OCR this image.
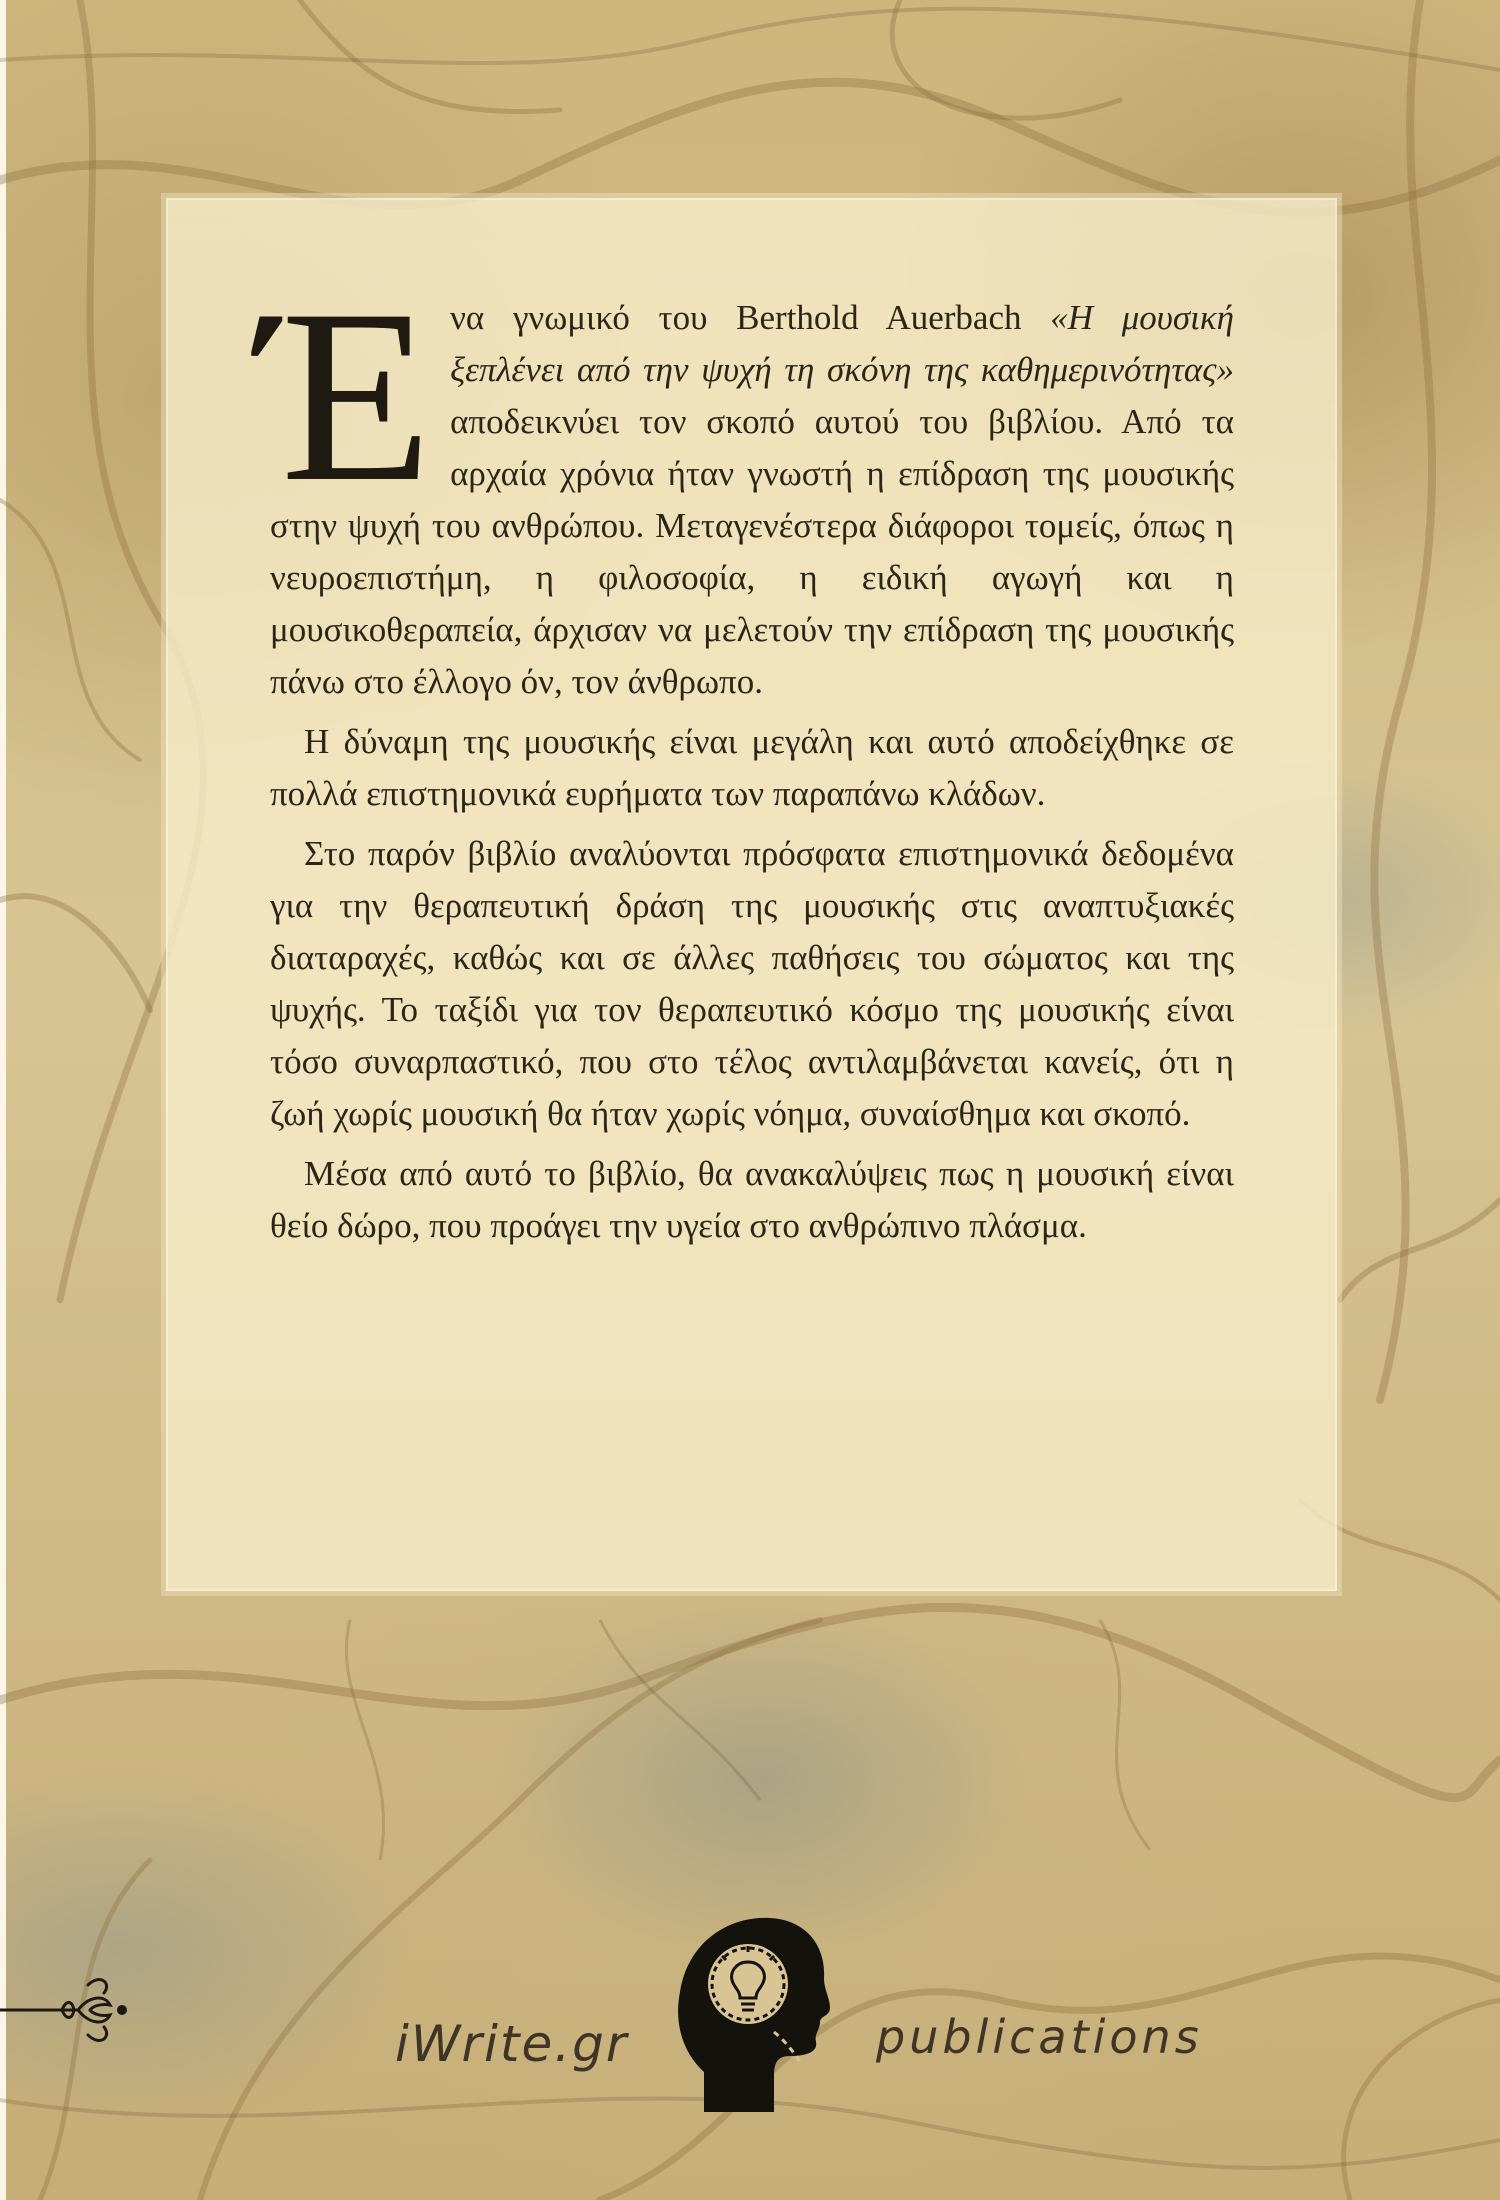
Ένα γνωμικό του Berthold Auerbach «Η μουσική ξεπλένει από την ψυχή τη σκόνη της καθημερινότητας» αποδεικνύει τον σκοπό αυτού του βιβλίου. Από τα αρχαία χρόνια ήταν γνωστή η επίδραση της μουσικής στην ψυχή του ανθρώπου. Μεταγενέστερα διάφοροι τομείς, όπως η νευροεπιστήμη, η φιλοσοφία, η ειδική αγωγή και η μουσικοθεραπεία, άρχισαν να μελετούν την επίδραση της μουσικής πάνω στο έλλογο όν, τον άνθρωπο.

Η δύναμη της μουσικής είναι μεγάλη και αυτό αποδείχθηκε σε πολλά επιστημονικά ευρήματα των παραπάνω κλάδων.

Στο παρόν βιβλίο αναλύονται πρόσφατα επιστημονικά δεδομένα για την θεραπευτική δράση της μουσικής στις αναπτυξιακές διαταραχές, καθώς και σε άλλες παθήσεις του σώματος και της ψυχής. Το ταξίδι για τον θεραπευτικό κόσμο της μουσικής είναι τόσο συναρπαστικό, που στο τέλος αντιλαμβάνεται κανείς, ότι η ζωή χωρίς μουσική θα ήταν χωρίς νόημα, συναίσθημα και σκοπό.

Μέσα από αυτό το βιβλίο, θα ανακαλύψεις πως η μουσική είναι θείο δώρο, που προάγει την υγεία στο ανθρώπινο πλάσμα.

iWrite.gr	publications
